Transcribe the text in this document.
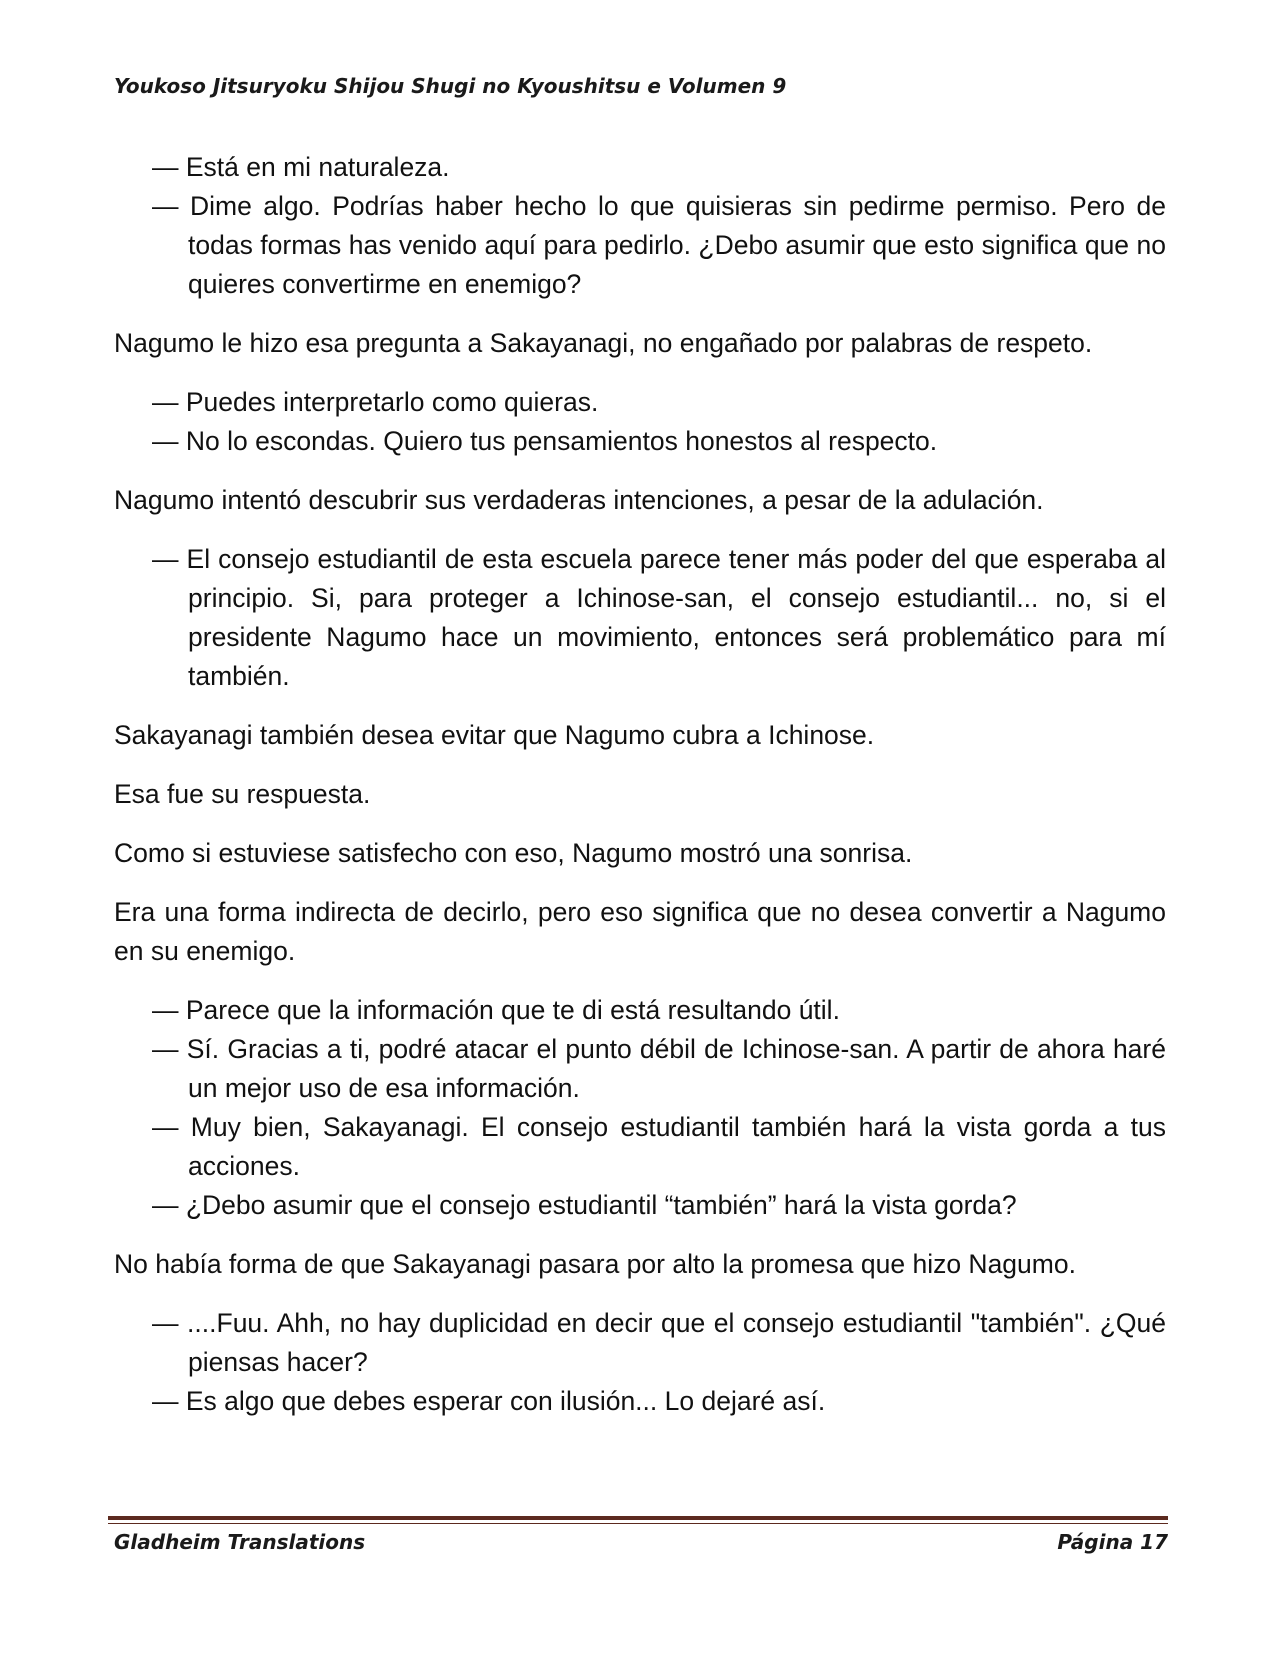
Youkoso Jitsuryoku Shijou Shugi no Kyoushitsu e Volumen 9
— Está en mi naturaleza.
— Dime algo. Podrías haber hecho lo que quisieras sin pedirme permiso. Pero de todas formas has venido aquí para pedirlo. ¿Debo asumir que esto significa que no quieres convertirme en enemigo?

Nagumo le hizo esa pregunta a Sakayanagi, no engañado por palabras de respeto.

— Puedes interpretarlo como quieras.
— No lo escondas. Quiero tus pensamientos honestos al respecto.

Nagumo intentó descubrir sus verdaderas intenciones, a pesar de la adulación.

— El consejo estudiantil de esta escuela parece tener más poder del que esperaba al principio. Si, para proteger a Ichinose-san, el consejo estudiantil... no, si el presidente Nagumo hace un movimiento, entonces será problemático para mí también.

Sakayanagi también desea evitar que Nagumo cubra a Ichinose.

Esa fue su respuesta.

Como si estuviese satisfecho con eso, Nagumo mostró una sonrisa.

Era una forma indirecta de decirlo, pero eso significa que no desea convertir a Nagumo en su enemigo.

— Parece que la información que te di está resultando útil.
— Sí. Gracias a ti, podré atacar el punto débil de Ichinose-san. A partir de ahora haré un mejor uso de esa información.
— Muy bien, Sakayanagi. El consejo estudiantil también hará la vista gorda a tus acciones.
— ¿Debo asumir que el consejo estudiantil “también” hará la vista gorda?

No había forma de que Sakayanagi pasara por alto la promesa que hizo Nagumo.

— ....Fuu. Ahh, no hay duplicidad en decir que el consejo estudiantil "también". ¿Qué piensas hacer?
— Es algo que debes esperar con ilusión... Lo dejaré así.
Gladheim Translations	Página 17
